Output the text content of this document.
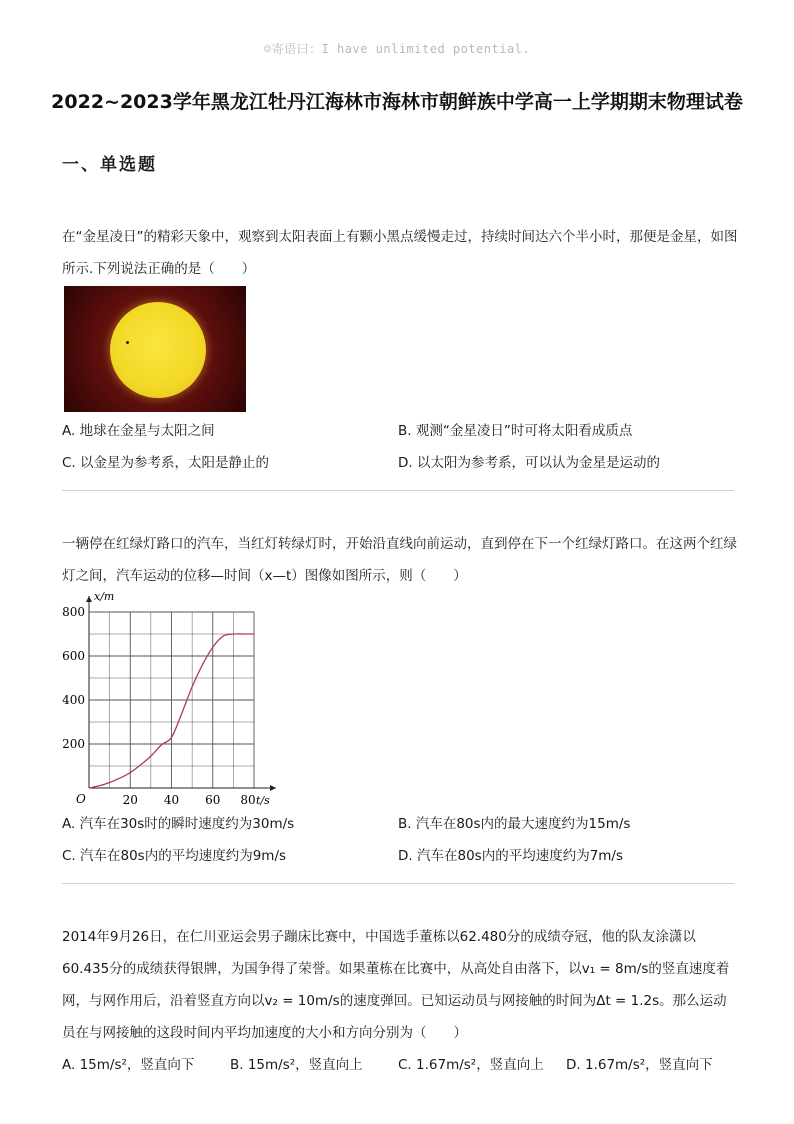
☺寄语曰：I have unlimited potential.
2022~2023学年黑龙江牡丹江海林市海林市朝鲜族中学高一上学期期末物理试卷
一、单选题
在“金星凌日”的精彩天象中，观察到太阳表面上有颗小黑点缓慢走过，持续时间达六个半小时，那便是金星，如图所示.下列说法正确的是（　　）
A. 地球在金星与太阳之间	B. 观测“金星凌日”时可将太阳看成质点
C. 以金星为参考系，太阳是静止的	D. 以太阳为参考系，可以认为金星是运动的
一辆停在红绿灯路口的汽车，当红灯转绿灯时，开始沿直线向前运动，直到停在下一个红绿灯路口。在这两个红绿灯之间，汽车运动的位移—时间（x—t）图像如图所示，则（　　）
20 40 60 80
200
400
600
800
x/m
t/s
O
A. 汽车在30s时的瞬时速度约为30m/s	B. 汽车在80s内的最大速度约为15m/s
C. 汽车在80s内的平均速度约为9m/s	D. 汽车在80s内的平均速度约为7m/s
2014年9月26日，在仁川亚运会男子蹦床比赛中，中国选手董栋以62.480分的成绩夺冠，他的队友涂潇以60.435分的成绩获得银牌，为国争得了荣誉。如果董栋在比赛中，从高处自由落下，以v₁ = 8m/s的竖直速度着网，与网作用后，沿着竖直方向以v₂ = 10m/s的速度弹回。已知运动员与网接触的时间为Δt = 1.2s。那么运动员在与网接触的这段时间内平均加速度的大小和方向分别为（　　）
A. 15m/s²，竖直向下	B. 15m/s²，竖直向上	C. 1.67m/s²，竖直向上 D. 1.67m/s²，竖直向下
